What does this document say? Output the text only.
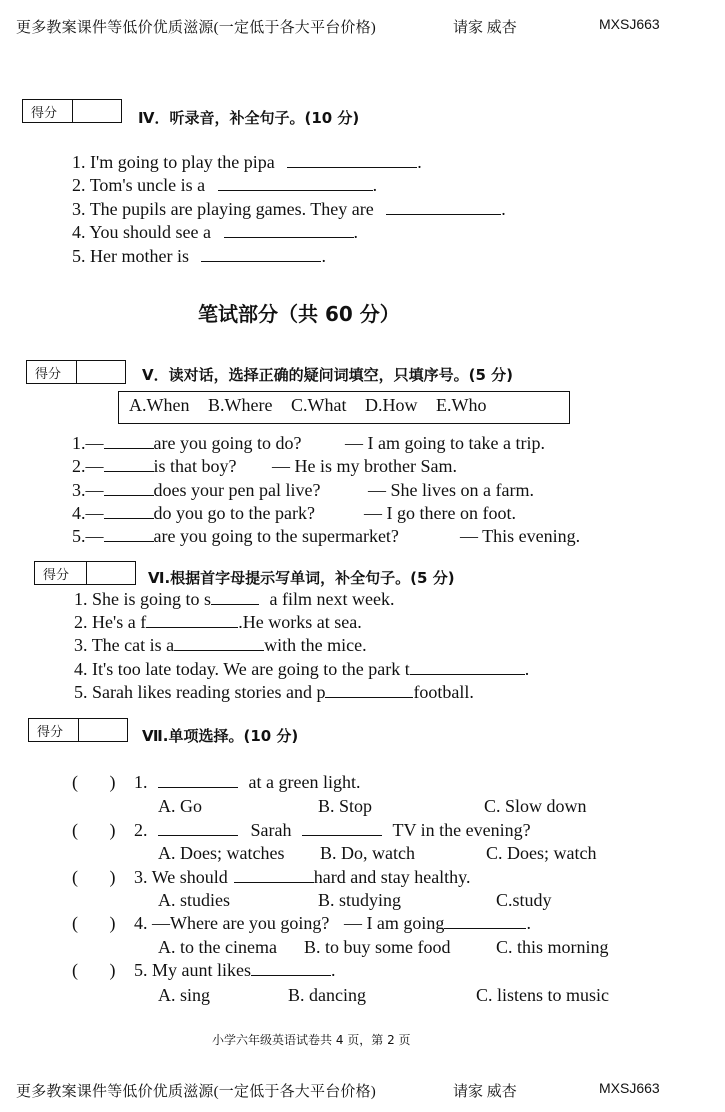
更多教案课件等低价优质滋源(一定低于各大平台价格)	请家 威杏	MXSJ663
得分	Ⅳ．听录音，补全句子。(10 分)
1. I'm going to play the pipa	.
2. Tom's uncle is a	.
3. The pupils are playing games. They are	.
4. You should see a	.
5. Her mother is	.
笔试部分（共 60 分）
得分	V．读对话，选择正确的疑问词填空，只填序号。(5 分)
A.When B.Where C.What D.How E.Who
1.—	are you going to do? — I am going to take a trip.
2.—	is that boy? — He is my brother Sam.
3.—	does your pen pal live?	— She lives on a farm.
4.—	do you go to the park?	— I go there on foot.
5.—	are you going to the supermarket?	— This evening.
得分	Ⅵ.根据首字母提示写单词，补全句子。(5 分)
1. She is going to s	a film next week.
2. He's a f	.He works at sea.
3. The cat is a	with the mice.
4. It's too late today. We are going to the park t	.
5. Sarah likes reading stories and p	football.
得分	Ⅶ.单项选择。(10 分)
(       ) 1.	at a green light.
A. Go	B. Stop	C. Slow down
(       ) 2.	Sarah	TV in the evening?
A. Does; watches B. Do, watch	C. Does; watch
(       ) 3. We should	hard and stay healthy.
A. studies	B. studying	C.study
(       ) 4. —Where are you going? — I am going	.
A. to the cinema B. to buy some food	C. this morning
(       ) 5. My aunt likes	.
A. sing	B. dancing	C. listens to music
小学六年级英语试卷共 4 页，第 2 页
更多教案课件等低价优质滋源(一定低于各大平台价格)	请家 威杏	MXSJ663
